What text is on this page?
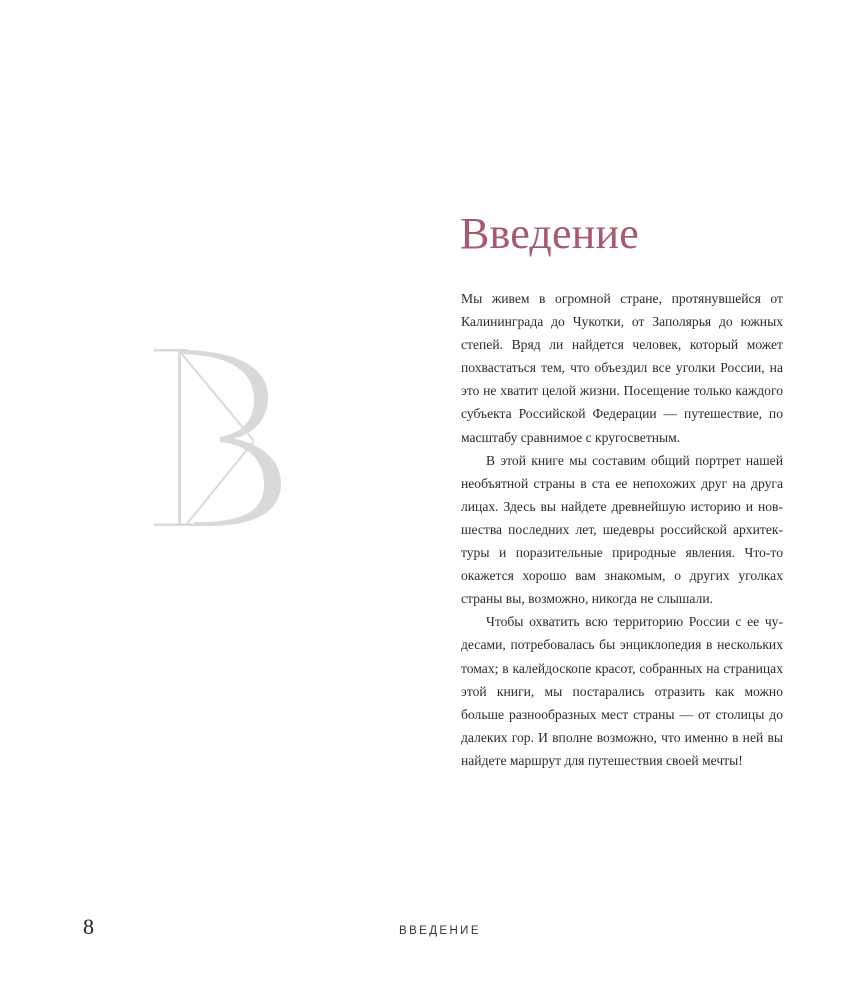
Введение

Мы живем в огромной стране, протянувшейся от Калининграда до Чукотки, от Заполярья до южных степей. Вряд ли найдется человек, который может похвастаться тем, что объездил все уголки России, на это не хватит целой жизни. Посещение только каждого субъекта Российской Федерации — путешествие, по масштабу сравнимое с кругосветным.

В этой книге мы составим общий портрет нашей необъятной страны в ста ее непохожих друг на друга лицах. Здесь вы найдете древнейшую историю и новшества последних лет, шедевры российской архитектуры и поразительные природные явления. Что-то окажется хорошо вам знакомым, о других уголках страны вы, возможно, никогда не слышали.

Чтобы охватить всю территорию России с ее чудесами, потребовалась бы энциклопедия в нескольких томах; в калейдоскопе красот, собранных на страницах этой книги, мы постарались отразить как можно больше разнообразных мест страны — от столицы до далеких гор. И вполне возможно, что именно в ней вы найдете маршрут для путешествия своей мечты!

8	ВВЕДЕНИЕ
